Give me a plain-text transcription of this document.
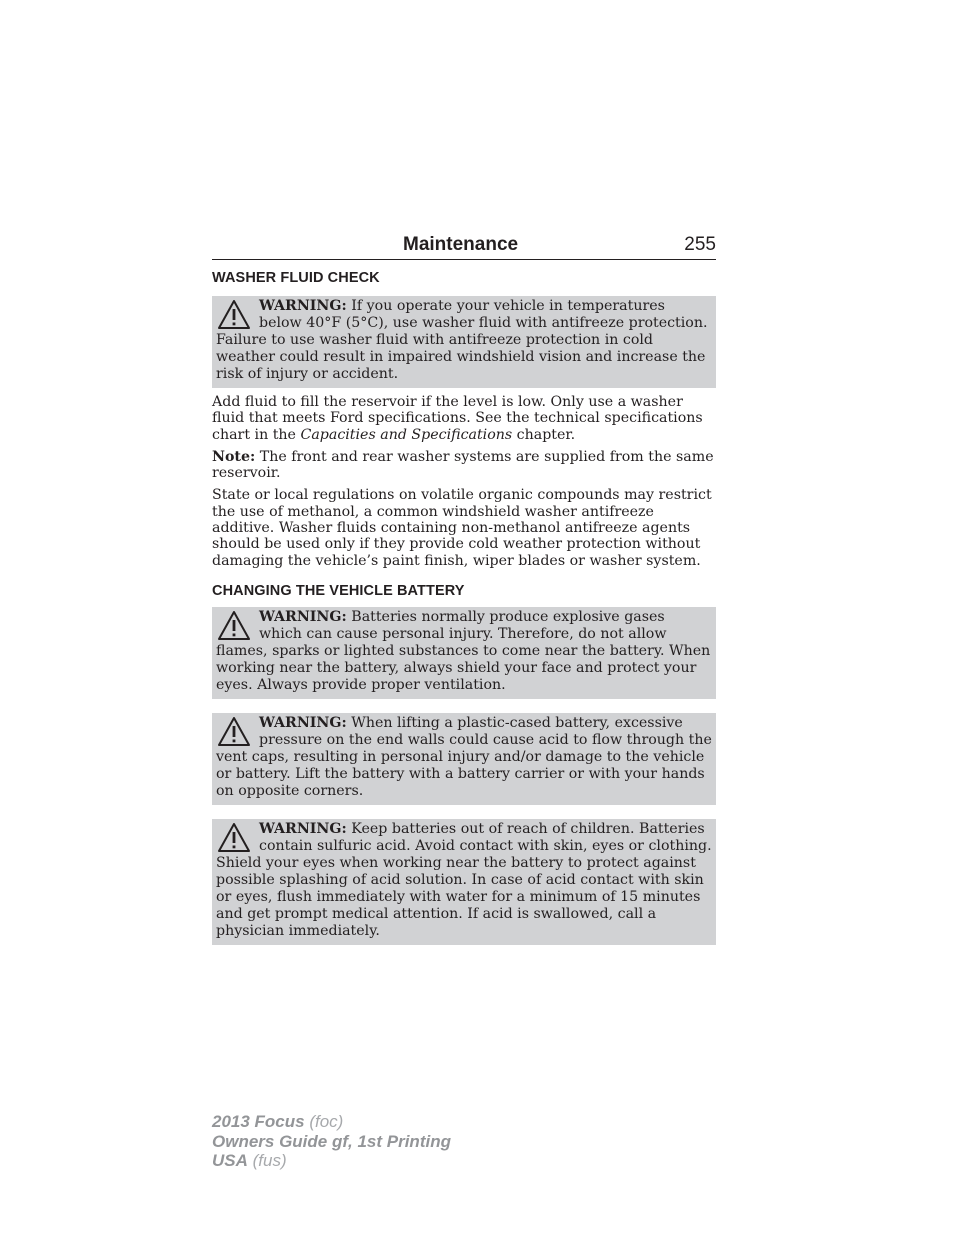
Maintenance	255
WASHER FLUID CHECK
WARNING: If you operate your vehicle in temperatures below 40°F (5°C), use washer fluid with antifreeze protection. Failure to use washer fluid with antifreeze protection in cold weather could result in impaired windshield vision and increase the risk of injury or accident.

Add fluid to fill the reservoir if the level is low. Only use a washer fluid that meets Ford specifications. See the technical specifications chart in the Capacities and Specifications chapter.

Note: The front and rear washer systems are supplied from the same reservoir.

State or local regulations on volatile organic compounds may restrict the use of methanol, a common windshield washer antifreeze additive. Washer fluids containing non-methanol antifreeze agents should be used only if they provide cold weather protection without damaging the vehicle’s paint finish, wiper blades or washer system.

CHANGING THE VEHICLE BATTERY
WARNING: Batteries normally produce explosive gases which can cause personal injury. Therefore, do not allow flames, sparks or lighted substances to come near the battery. When working near the battery, always shield your face and protect your eyes. Always provide proper ventilation.
WARNING: When lifting a plastic-cased battery, excessive pressure on the end walls could cause acid to flow through the vent caps, resulting in personal injury and/or damage to the vehicle or battery. Lift the battery with a battery carrier or with your hands on opposite corners.
WARNING: Keep batteries out of reach of children. Batteries contain sulfuric acid. Avoid contact with skin, eyes or clothing. Shield your eyes when working near the battery to protect against possible splashing of acid solution. In case of acid contact with skin or eyes, flush immediately with water for a minimum of 15 minutes and get prompt medical attention. If acid is swallowed, call a physician immediately.
2013 Focus (foc)
Owners Guide gf, 1st Printing
USA (fus)
